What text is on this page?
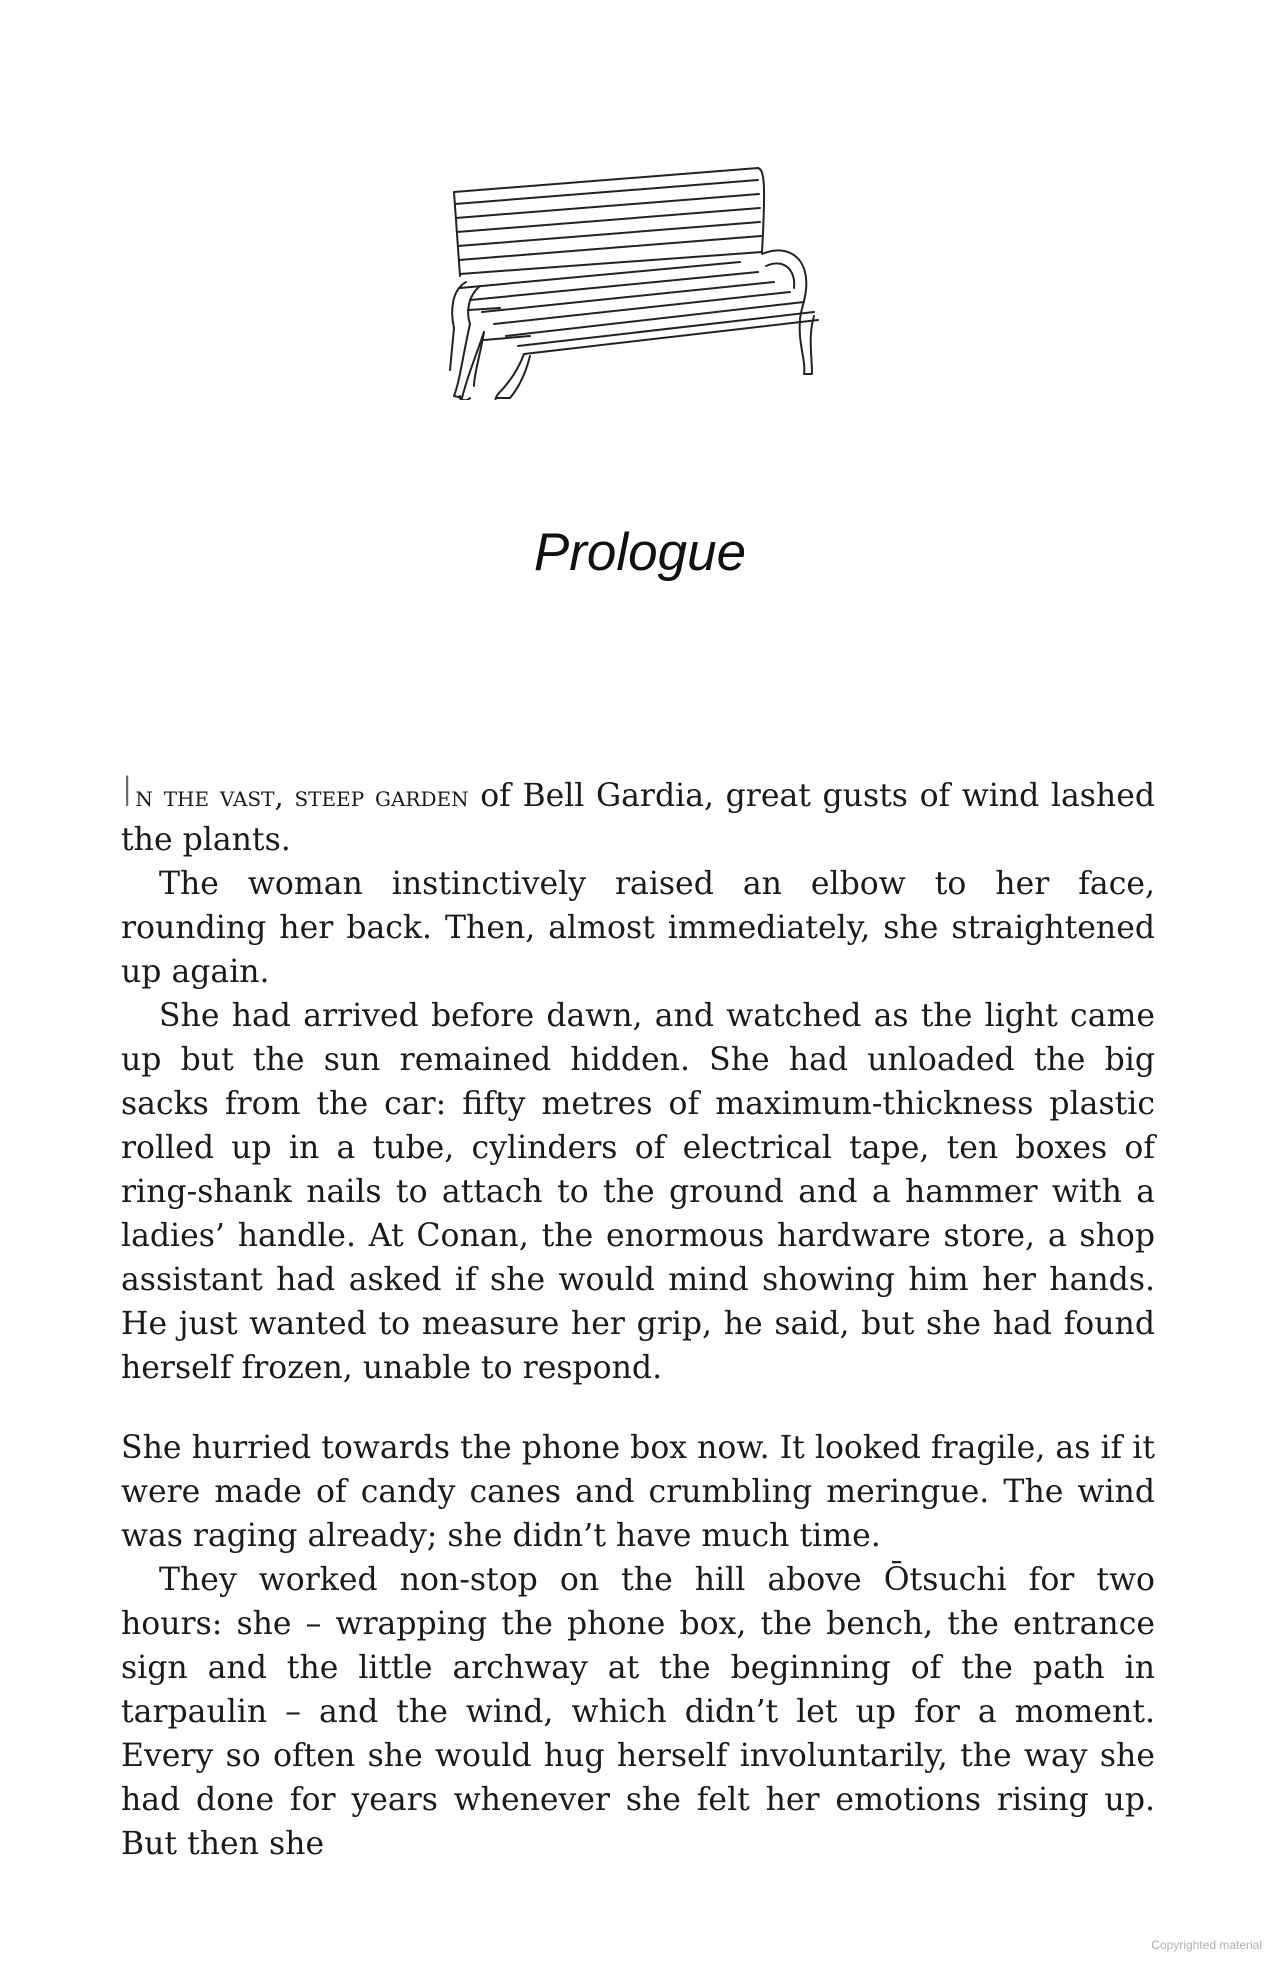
Prologue

In the vast, steep garden of Bell Gardia, great gusts of wind lashed the plants.

The woman instinctively raised an elbow to her face, rounding her back. Then, almost immediately, she straightened up again.

She had arrived before dawn, and watched as the light came up but the sun remained hidden. She had unloaded the big sacks from the car: fifty metres of maximum-thickness plastic rolled up in a tube, cylinders of electrical tape, ten boxes of ring-shank nails to attach to the ground and a hammer with a ladies’ handle. At Conan, the enormous hardware store, a shop assistant had asked if she would mind showing him her hands. He just wanted to measure her grip, he said, but she had found herself frozen, unable to respond.

She hurried towards the phone box now. It looked fragile, as if it were made of candy canes and crumbling meringue. The wind was raging already; she didn’t have much time.

They worked non-stop on the hill above Ōtsuchi for two hours: she – wrapping the phone box, the bench, the entrance sign and the little archway at the beginning of the path in tarpaulin – and the wind, which didn’t let up for a moment. Every so often she would hug herself involuntarily, the way she had done for years whenever she felt her emotions rising up. But then she

Copyrighted material
